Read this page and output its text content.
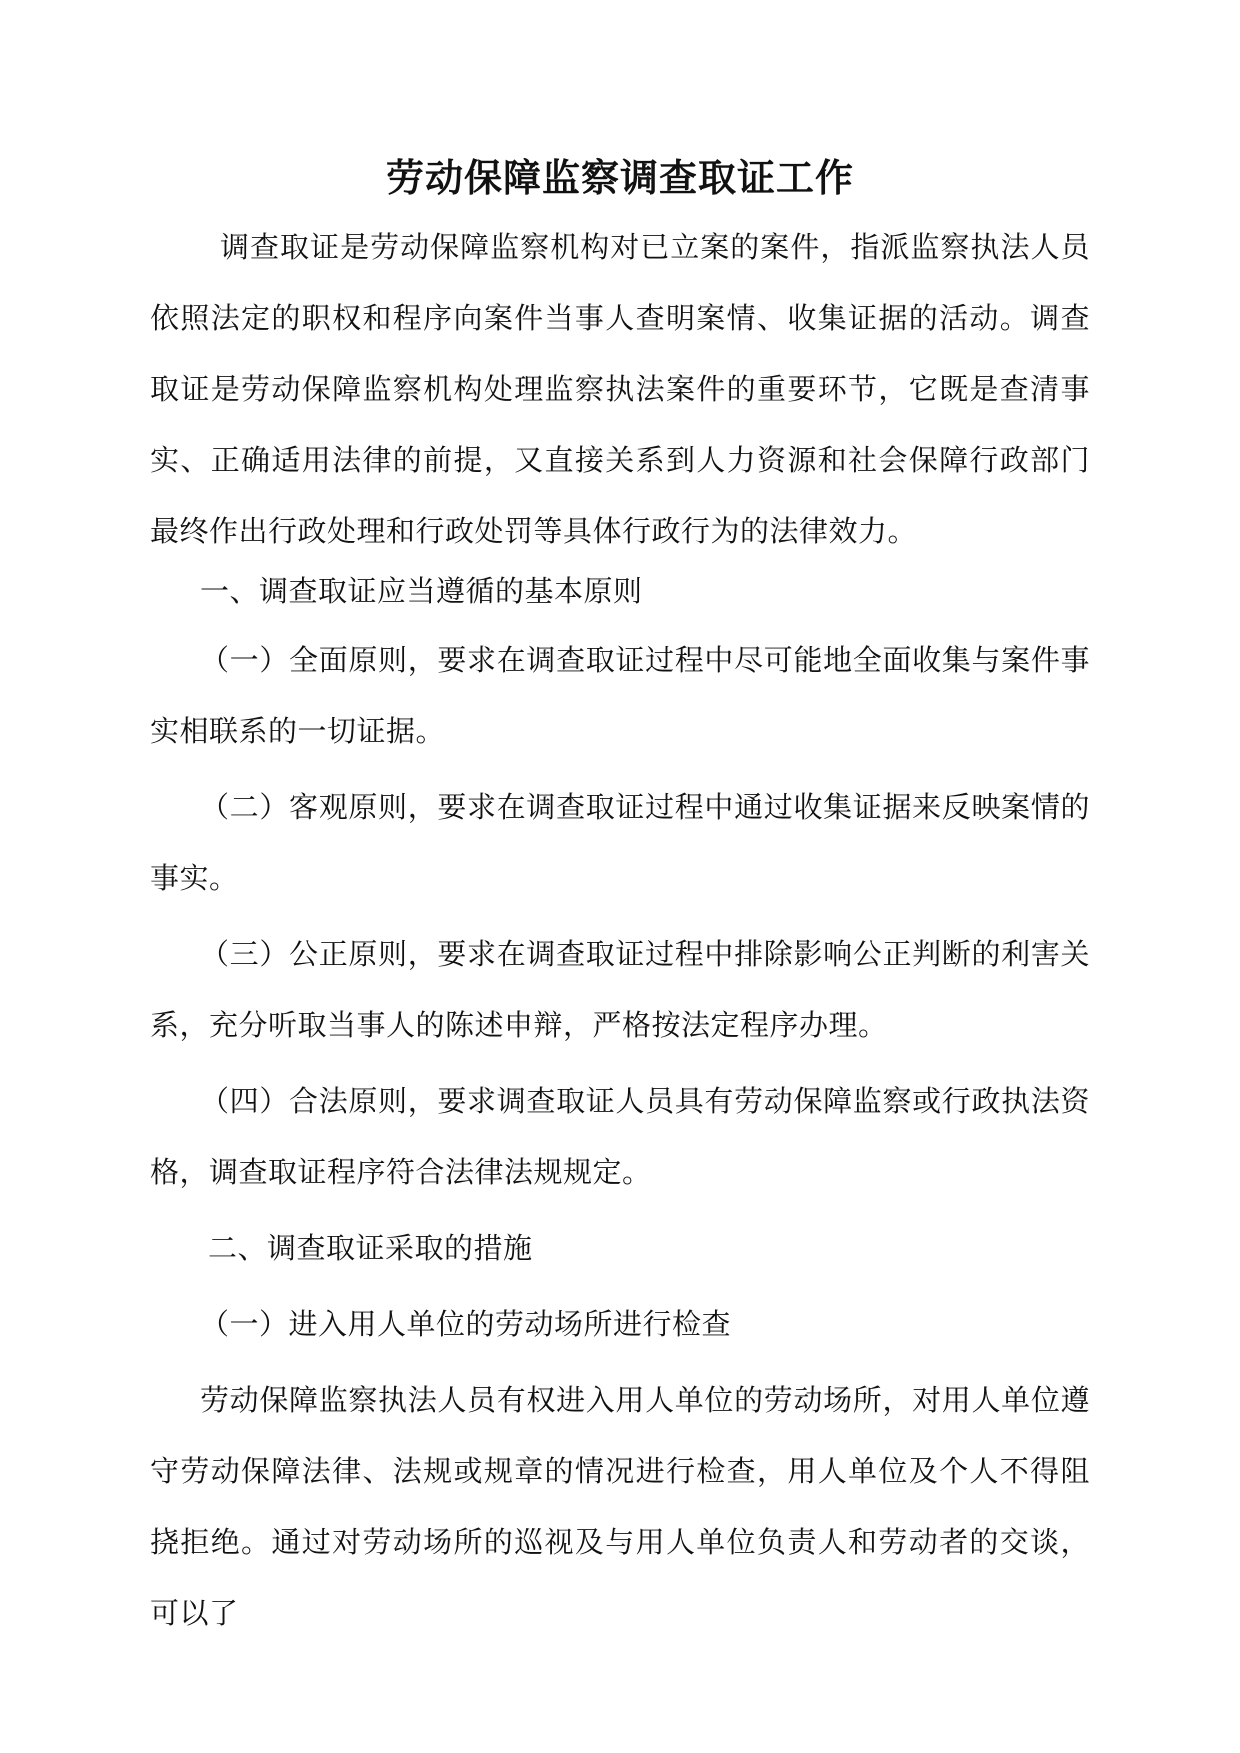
劳动保障监察调查取证工作
调查取证是劳动保障监察机构对已立案的案件，指派监察执法人员依照法定的职权和程序向案件当事人查明案情、收集证据的活动。调查取证是劳动保障监察机构处理监察执法案件的重要环节，它既是查清事实、正确适用法律的前提，又直接关系到人力资源和社会保障行政部门最终作出行政处理和行政处罚等具体行政行为的法律效力。
一、调查取证应当遵循的基本原则
（一）全面原则，要求在调查取证过程中尽可能地全面收集与案件事实相联系的一切证据。
（二）客观原则，要求在调查取证过程中通过收集证据来反映案情的事实。
（三）公正原则，要求在调查取证过程中排除影响公正判断的利害关系，充分听取当事人的陈述申辩，严格按法定程序办理。
（四）合法原则，要求调查取证人员具有劳动保障监察或行政执法资格，调查取证程序符合法律法规规定。
二、调查取证采取的措施
（一）进入用人单位的劳动场所进行检查
劳动保障监察执法人员有权进入用人单位的劳动场所，对用人单位遵守劳动保障法律、法规或规章的情况进行检查，用人单位及个人不得阻挠拒绝。通过对劳动场所的巡视及与用人单位负责人和劳动者的交谈，可以了
